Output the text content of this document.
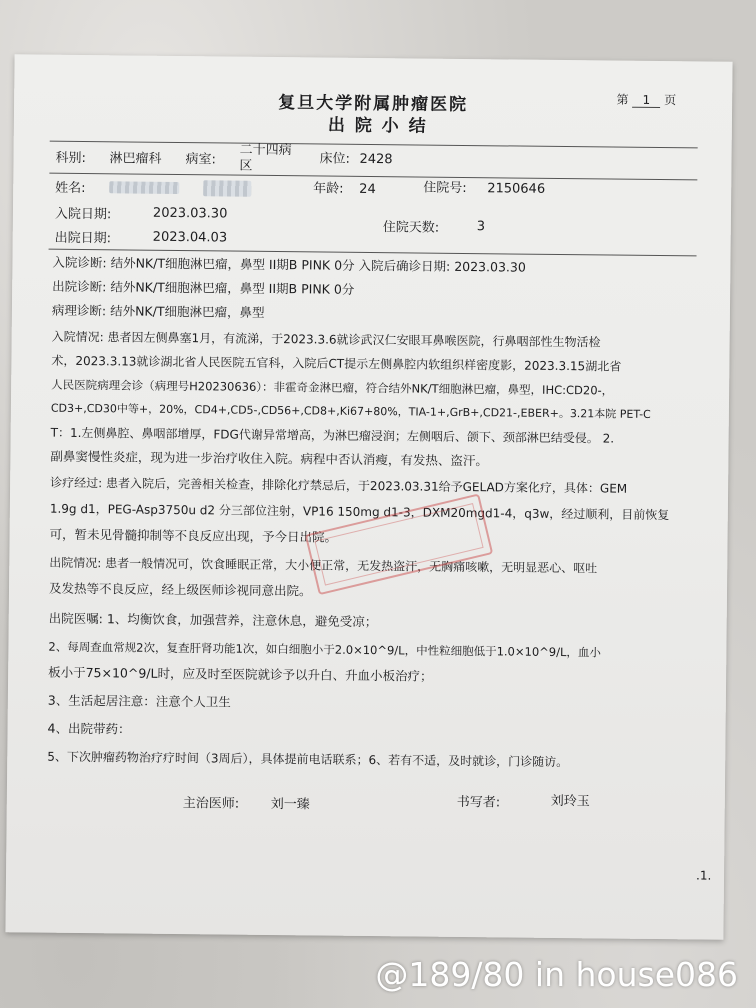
第 1 页
复旦大学附属肿瘤医院
出 院 小 结
科别: 淋巴瘤科 病室:
二十四病
区	床位: 2428
姓名:	年龄: 24	住院号: 2150646
入院日期:	2023.03.30
出院日期:	2023.04.03
住院天数:	3
入院诊断: 结外NK/T细胞淋巴瘤，鼻型 II期B PINK 0分 入院后确诊日期: 2023.03.30
出院诊断: 结外NK/T细胞淋巴瘤，鼻型 II期B PINK 0分
病理诊断: 结外NK/T细胞淋巴瘤，鼻型
入院情况: 患者因左侧鼻塞1月，有流涕，于2023.3.6就诊武汉仁安眼耳鼻喉医院，行鼻咽部性生物活检
术，2023.3.13就诊湖北省人民医院五官科，入院后CT提示左侧鼻腔内软组织样密度影，2023.3.15湖北省
人民医院病理会诊（病理号H20230636）：非霍奇金淋巴瘤，符合结外NK/T细胞淋巴瘤，鼻型，IHC:CD20-，
CD3+,CD30中等+，20%，CD4+,CD5-,CD56+,CD8+,Ki67+80%，TIA-1+,GrB+,CD21-,EBER+。3.21本院 PET-C
T：1.左侧鼻腔、鼻咽部增厚，FDG代谢异常增高，为淋巴瘤浸润；左侧咽后、颌下、颈部淋巴结受侵。 2.
副鼻窦慢性炎症，现为进一步治疗收住入院。病程中否认消瘦，有发热、盗汗。
诊疗经过: 患者入院后，完善相关检查，排除化疗禁忌后，于2023.03.31给予GELAD方案化疗，具体：GEM
1.9g d1，PEG-Asp3750u d2 分三部位注射，VP16 150mg d1-3，DXM20mgd1-4，q3w，经过顺利，目前恢复
可，暂未见骨髓抑制等不良反应出现，予今日出院。
出院情况: 患者一般情况可，饮食睡眠正常，大小便正常，无发热盗汗，无胸痛咳嗽，无明显恶心、呕吐
及发热等不良反应，经上级医师诊视同意出院。
出院医嘱: 1、均衡饮食，加强营养，注意休息，避免受凉；
2、每周查血常规2次，复查肝肾功能1次，如白细胞小于2.0×10^9/L，中性粒细胞低于1.0×10^9/L，血小
板小于75×10^9/L时，应及时至医院就诊予以升白、升血小板治疗；
3、生活起居注意：注意个人卫生
4、出院带药：
5、下次肿瘤药物治疗疗时间（3周后），具体提前电话联系；6、若有不适，及时就诊，门诊随访。
主治医师: 刘一臻	书写者:	刘玲玉
.1.
@189/80 in house086
